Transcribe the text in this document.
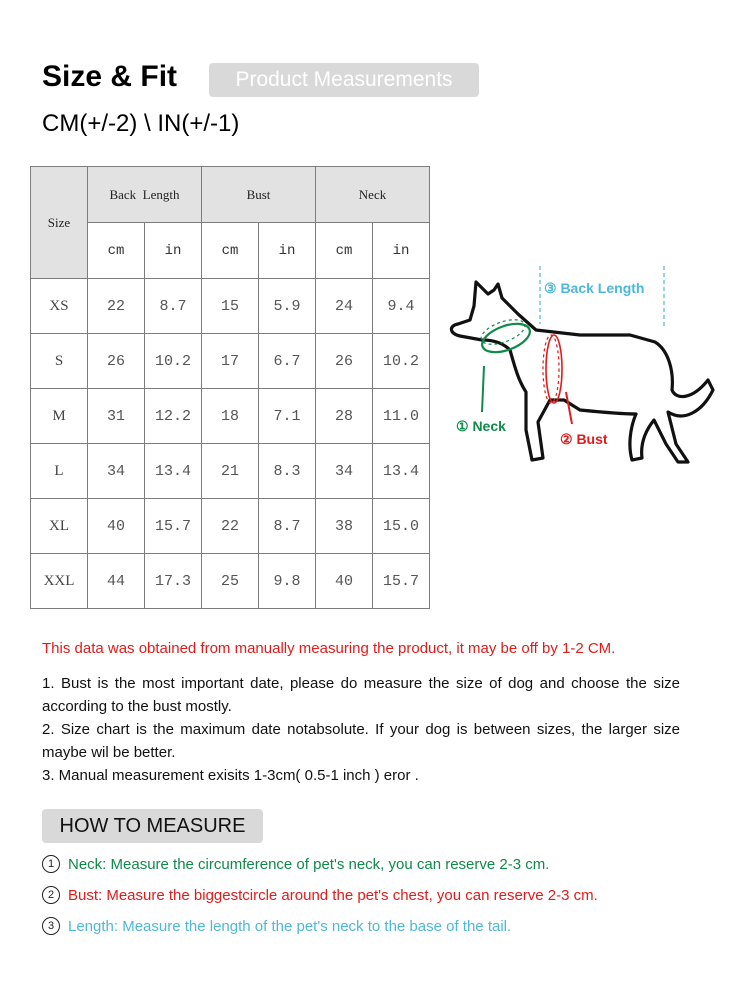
Size & Fit	Product Measurements
CM(+/-2) \ IN(+/-1)
Size	Back  Length		Bust		Neck	
	cm	in	cm	in	cm	in
XS	22	8.7	15	5.9	24	9.4
S	26	10.2	17	6.7	26	10.2
M	31	12.2	18	7.1	28	11.0
L	34	13.4	21	8.3	34	13.4
XL	40	15.7	22	8.7	38	15.0
XXL	44	17.3	25	9.8	40	15.7
③ Back Length
① Neck
② Bust
This data was obtained from manually measuring the product, it may be off by 1-2 CM.

1. Bust is the most important date, please do measure the size of dog and choose the size according to the bust mostly.

2. Size chart is the maximum date notabsolute. If your dog is between sizes, the larger size maybe wil be better.

3. Manual measurement exisits 1-3cm( 0.5-1 inch ) eror .

HOW TO MEASURE
1 Neck: Measure the circumference of pet's neck, you can reserve 2-3 cm.
2 Bust: Measure the biggestcircle around the pet's chest, you can reserve 2-3 cm.
3 Length: Measure the length of the pet's neck to the base of the tail.
